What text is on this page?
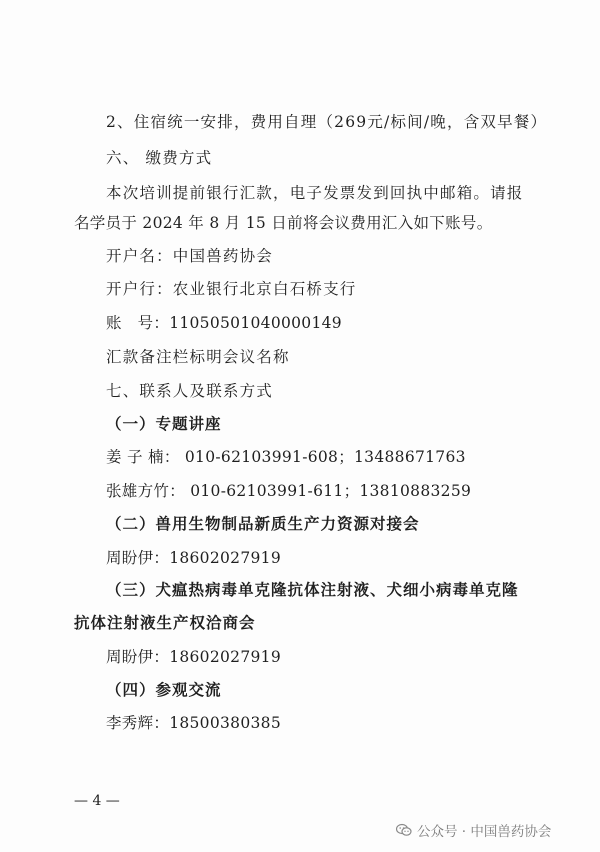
2、住宿统一安排，费用自理（269元/标间/晚，含双早餐）
六、 缴费方式
本次培训提前银行汇款，电子发票发到回执中邮箱。请报
名学员于 2024 年 8 月 15 日前将会议费用汇入如下账号。
开户名：中国兽药协会
开户行：农业银行北京白石桥支行
账　号：11050501040000149
汇款备注栏标明会议名称
七、联系人及联系方式
（一）专题讲座
姜 子 楠： 010-62103991-608；13488671763
张雄方竹： 010-62103991-611；13810883259
（二）兽用生物制品新质生产力资源对接会
周盼伊：18602027919
（三）犬瘟热病毒单克隆抗体注射液、犬细小病毒单克隆
抗体注射液生产权洽商会
周盼伊：18602027919
（四）参观交流
李秀辉：18500380385
— 4 —
公众号 · 中国兽药协会
